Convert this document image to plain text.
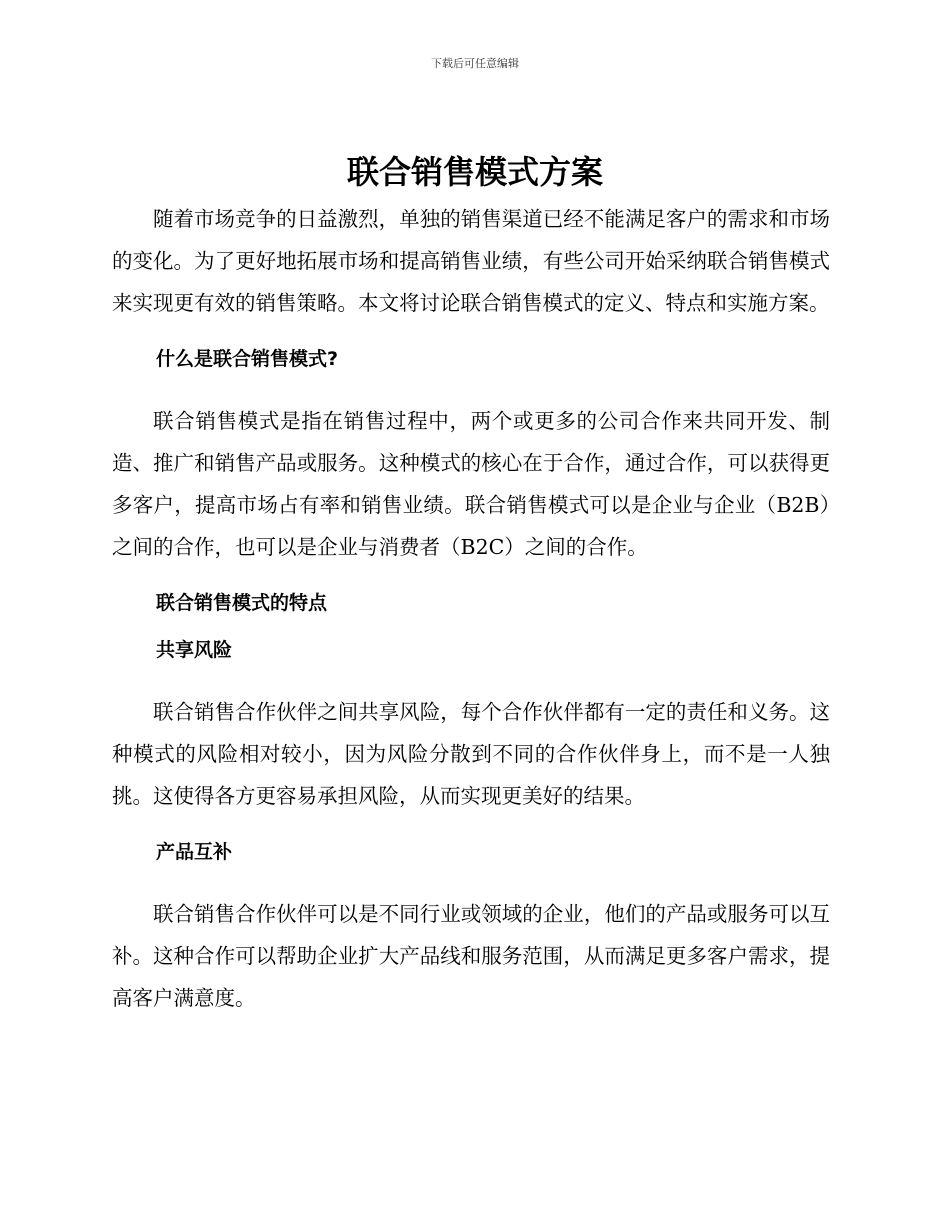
下载后可任意编辑
联合销售模式方案

随着市场竞争的日益激烈，单独的销售渠道已经不能满足客户的需求和市场的变化。为了更好地拓展市场和提高销售业绩，有些公司开始采纳联合销售模式来实现更有效的销售策略。本文将讨论联合销售模式的定义、特点和实施方案。

什么是联合销售模式?

联合销售模式是指在销售过程中，两个或更多的公司合作来共同开发、制造、推广和销售产品或服务。这种模式的核心在于合作，通过合作，可以获得更多客户，提高市场占有率和销售业绩。联合销售模式可以是企业与企业（B2B）之间的合作，也可以是企业与消费者（B2C）之间的合作。

联合销售模式的特点

共享风险

联合销售合作伙伴之间共享风险，每个合作伙伴都有一定的责任和义务。这种模式的风险相对较小，因为风险分散到不同的合作伙伴身上，而不是一人独挑。这使得各方更容易承担风险，从而实现更美好的结果。

产品互补

联合销售合作伙伴可以是不同行业或领域的企业，他们的产品或服务可以互补。这种合作可以帮助企业扩大产品线和服务范围，从而满足更多客户需求，提高客户满意度。
